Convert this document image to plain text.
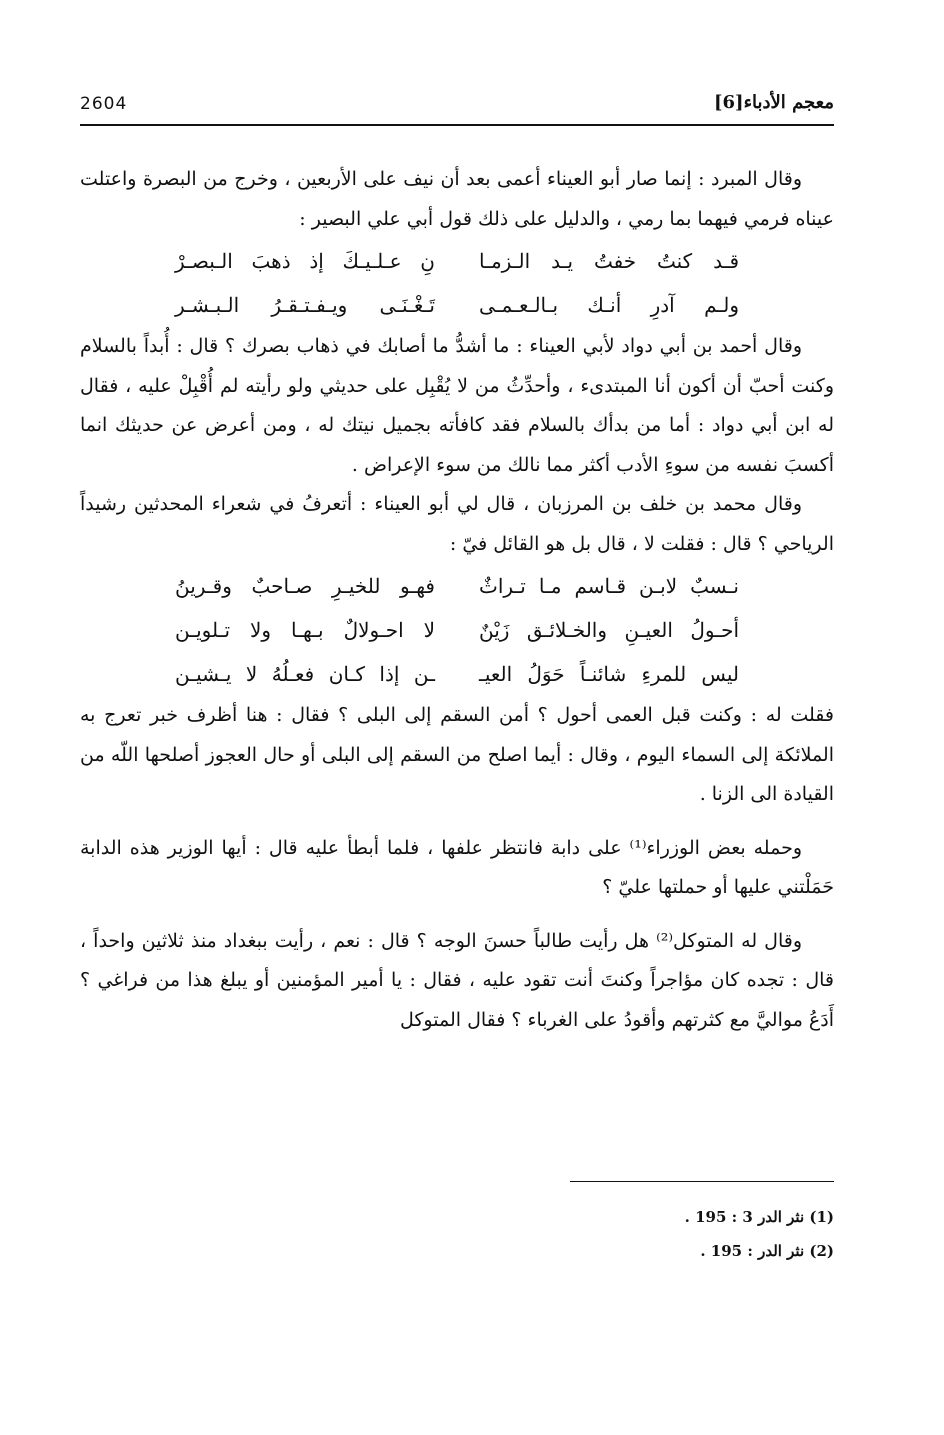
2604	معجم الأدباء[6]

وقال المبرد : إنما صار أبو العيناء أعمى بعد أن نيف على الأربعين ، وخرج من البصرة واعتلت عيناه فرمي فيهما بما رمي ، والدليل على ذلك قول أبي علي البصير :

قـد كنتُ خفتُ يـد الـزمـا
نِ عـلـيـكَ إذ ذهبَ الـبصـرْ
ولـم آدرِ أنـك بـالـعـمـى
تَـغْـنَـى ويـفـتـقـرُ الـبـشـر

وقال أحمد بن أبي دواد لأبي العيناء : ما أشدُّ ما أصابك في ذهاب بصرك ؟ قال : أُبداً بالسلام وكنت أحبّ أن أكون أنا المبتدىء ، وأحدِّثُ من لا يُقْبِل على حديثي ولو رأيته لم أُقْبِلْ عليه ، فقال له ابن أبي دواد : أما من بدأك بالسلام فقد كافأته بجميل نيتك له ، ومن أعرض عن حديثك انما أكسبَ نفسه من سوءِ الأدب أكثر مما نالك من سوء الإعراض .

وقال محمد بن خلف بن المرزبان ، قال لي أبو العيناء : أتعرفُ في شعراء المحدثين رشيداً الرياحي ؟ قال : فقلت لا ، قال بل هو القائل فيّ :

نـسبٌ لابـن قـاسم مـا تـراثٌ
فهـو للخيـرِ صـاحبٌ وقـرينُ
أحـولُ العيـنِ والخـلائـق زَيْنٌ
لا احـولالٌ بـهـا ولا تـلويـن
ليس للمرءِ شائنـاً حَوَلُ العيـ
ـن إذا كـان فعـلُهُ لا يـشيـن

فقلت له : وكنت قبل العمى أحول ؟ أمن السقم إلى البلى ؟ فقال : هنا أظرف خبر تعرج به الملائكة إلى السماء اليوم ، وقال : أيما اصلح من السقم إلى البلى أو حال العجوز أصلحها اللّه من القيادة الى الزنا .

وحمله بعض الوزراء⁽¹⁾ على دابة فانتظر علفها ، فلما أبطأ عليه قال : أيها الوزير هذه الدابة حَمَلْتني عليها أو حملتها عليّ ؟

وقال له المتوكل⁽²⁾ هل رأيت طالباً حسنَ الوجه ؟ قال : نعم ، رأيت ببغداد منذ ثلاثين واحداً ، قال : تجده كان مؤاجراً وكنتَ أنت تقود عليه ، فقال : يا أمير المؤمنين أو يبلغ هذا من فراغي ؟ أَدَعُ مواليَّ مع كثرتهم وأقودُ على الغرباء ؟ فقال المتوكل

(1) نثر الدر 3 : 195 .
(2) نثر الدر : 195 .
